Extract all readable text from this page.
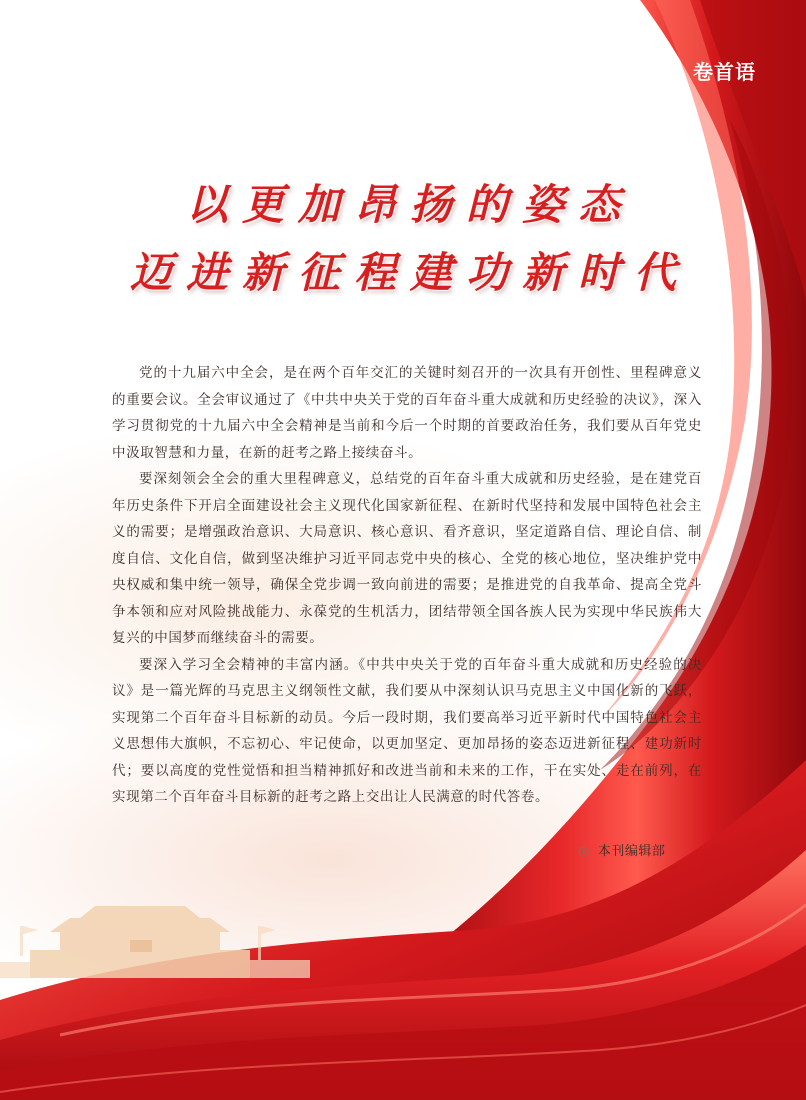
卷首语
以更加昂扬的姿态
迈进新征程建功新时代

党的十九届六中全会，是在两个百年交汇的关键时刻召开的一次具有开创性、里程碑意义的重要会议。全会审议通过了《中共中央关于党的百年奋斗重大成就和历史经验的决议》，深入学习贯彻党的十九届六中全会精神是当前和今后一个时期的首要政治任务，我们要从百年党史中汲取智慧和力量，在新的赶考之路上接续奋斗。

要深刻领会全会的重大里程碑意义，总结党的百年奋斗重大成就和历史经验，是在建党百年历史条件下开启全面建设社会主义现代化国家新征程、在新时代坚持和发展中国特色社会主义的需要；是增强政治意识、大局意识、核心意识、看齐意识，坚定道路自信、理论自信、制度自信、文化自信，做到坚决维护习近平同志党中央的核心、全党的核心地位，坚决维护党中央权威和集中统一领导，确保全党步调一致向前进的需要；是推进党的自我革命、提高全党斗争本领和应对风险挑战能力、永葆党的生机活力，团结带领全国各族人民为实现中华民族伟大复兴的中国梦而继续奋斗的需要。

要深入学习全会精神的丰富内涵。《中共中央关于党的百年奋斗重大成就和历史经验的决议》是一篇光辉的马克思主义纲领性文献，我们要从中深刻认识马克思主义中国化新的飞跃，实现第二个百年奋斗目标新的动员。今后一段时期，我们要高举习近平新时代中国特色社会主义思想伟大旗帜，不忘初心、牢记使命，以更加坚定、更加昂扬的姿态迈进新征程、建功新时代；要以高度的党性觉悟和担当精神抓好和改进当前和未来的工作，干在实处、走在前列，在实现第二个百年奋斗目标新的赶考之路上交出让人民满意的时代答卷。

◎ 本刊编辑部
